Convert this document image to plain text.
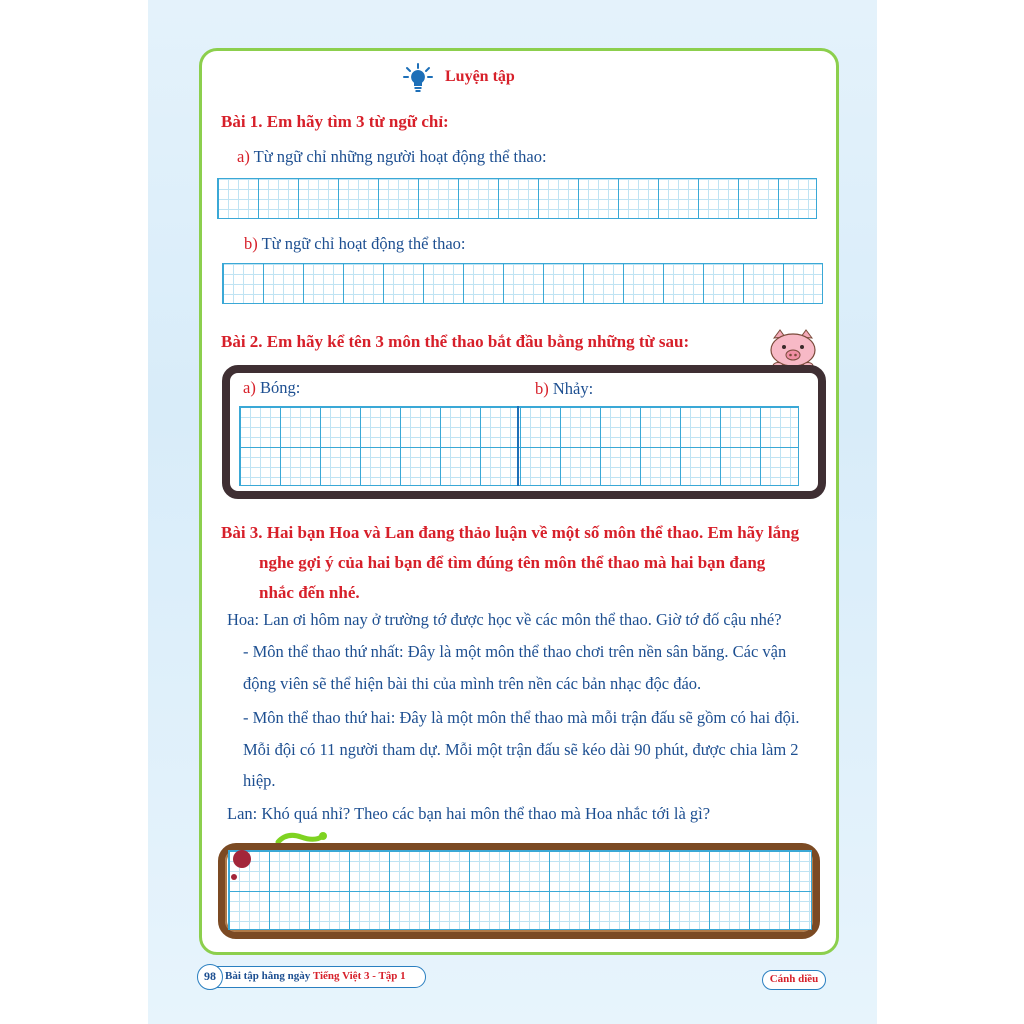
Luyện tập
Bài 1. Em hãy tìm 3 từ ngữ chỉ:
a) Từ ngữ chỉ những người hoạt động thể thao:
b) Từ ngữ chỉ hoạt động thể thao:
Bài 2. Em hãy kể tên 3 môn thể thao bắt đầu bằng những từ sau:
a) Bóng:	b) Nhảy:
Bài 3. Hai bạn Hoa và Lan đang thảo luận về một số môn thể thao. Em hãy lắng
nghe gợi ý của hai bạn để tìm đúng tên môn thể thao mà hai bạn đang
nhắc đến nhé.
Hoa: Lan ơi hôm nay ở trường tớ được học về các môn thể thao. Giờ tớ đố cậu nhé?
- Môn thể thao thứ nhất: Đây là một môn thể thao chơi trên nền sân băng. Các vận
động viên sẽ thể hiện bài thi của mình trên nền các bản nhạc độc đáo.
- Môn thể thao thứ hai: Đây là một môn thể thao mà mỗi trận đấu sẽ gồm có hai đội.
Mỗi đội có 11 người tham dự. Mỗi một trận đấu sẽ kéo dài 90 phút, được chia làm 2
hiệp.
Lan: Khó quá nhỉ? Theo các bạn hai môn thể thao mà Hoa nhắc tới là gì?
Bài tập hằng ngày Tiếng Việt 3 - Tập 1
98	Cánh diều
